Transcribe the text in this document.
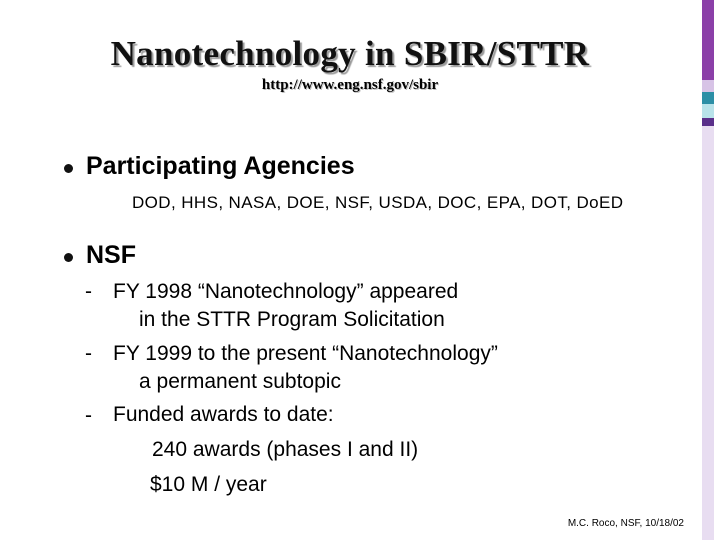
Nanotechnology in SBIR/STTR
http://www.eng.nsf.gov/sbir
Participating Agencies
DOD, HHS, NASA, DOE, NSF, USDA, DOC, EPA, DOT, DoED
NSF
- FY 1998 “Nanotechnology” appeared
in the STTR Program Solicitation
- FY 1999 to the present “Nanotechnology”
a permanent subtopic
- Funded awards to date:
240 awards (phases I and II)
$10 M / year
M.C. Roco, NSF, 10/18/02
